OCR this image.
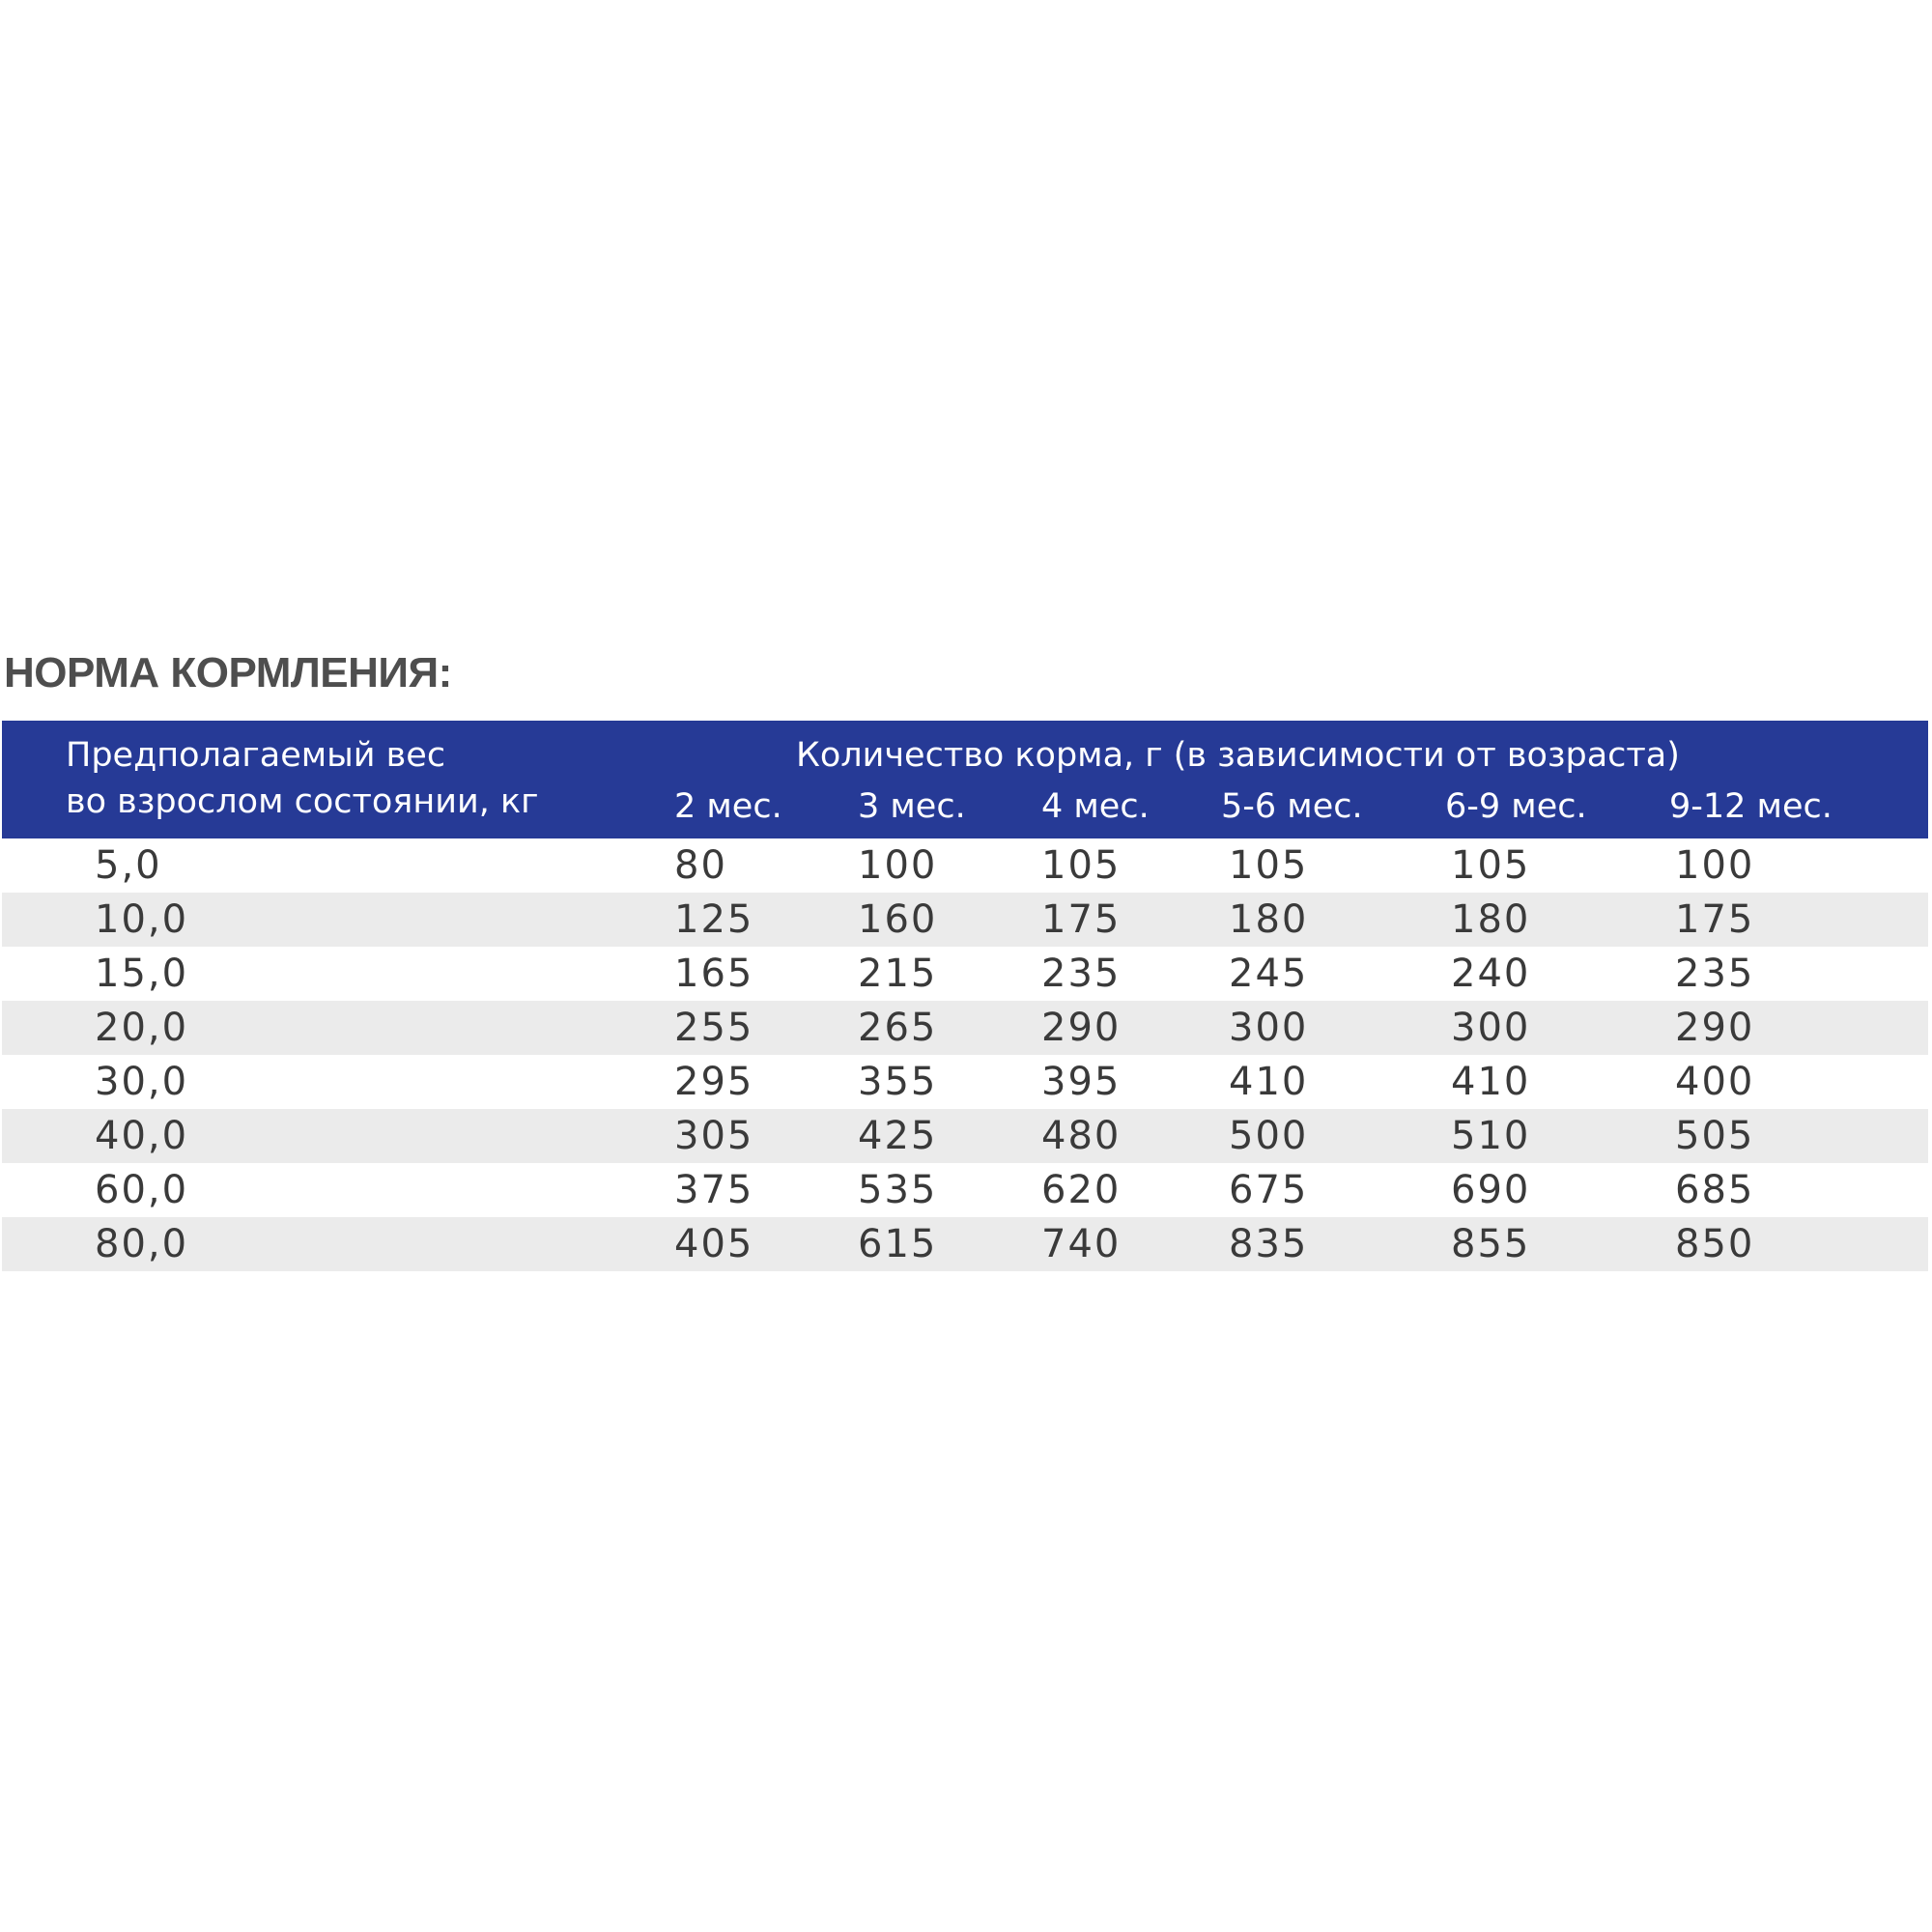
НОРМА КОРМЛЕНИЯ:
Предполагаемый вес
во взрослом состоянии, кг
Количество корма, г (в зависимости от возраста)
2 мес. 3 мес. 4 мес. 5-6 мес. 6-9 мес. 9-12 мес.
5,0	80	100	105	105	105	100
10,0	125	160	175	180	180	175
15,0	165	215	235	245	240	235
20,0	255	265	290	300	300	290
30,0	295	355	395	410	410	400
40,0	305	425	480	500	510	505
60,0	375	535	620	675	690	685
80,0	405	615	740	835	855	850
